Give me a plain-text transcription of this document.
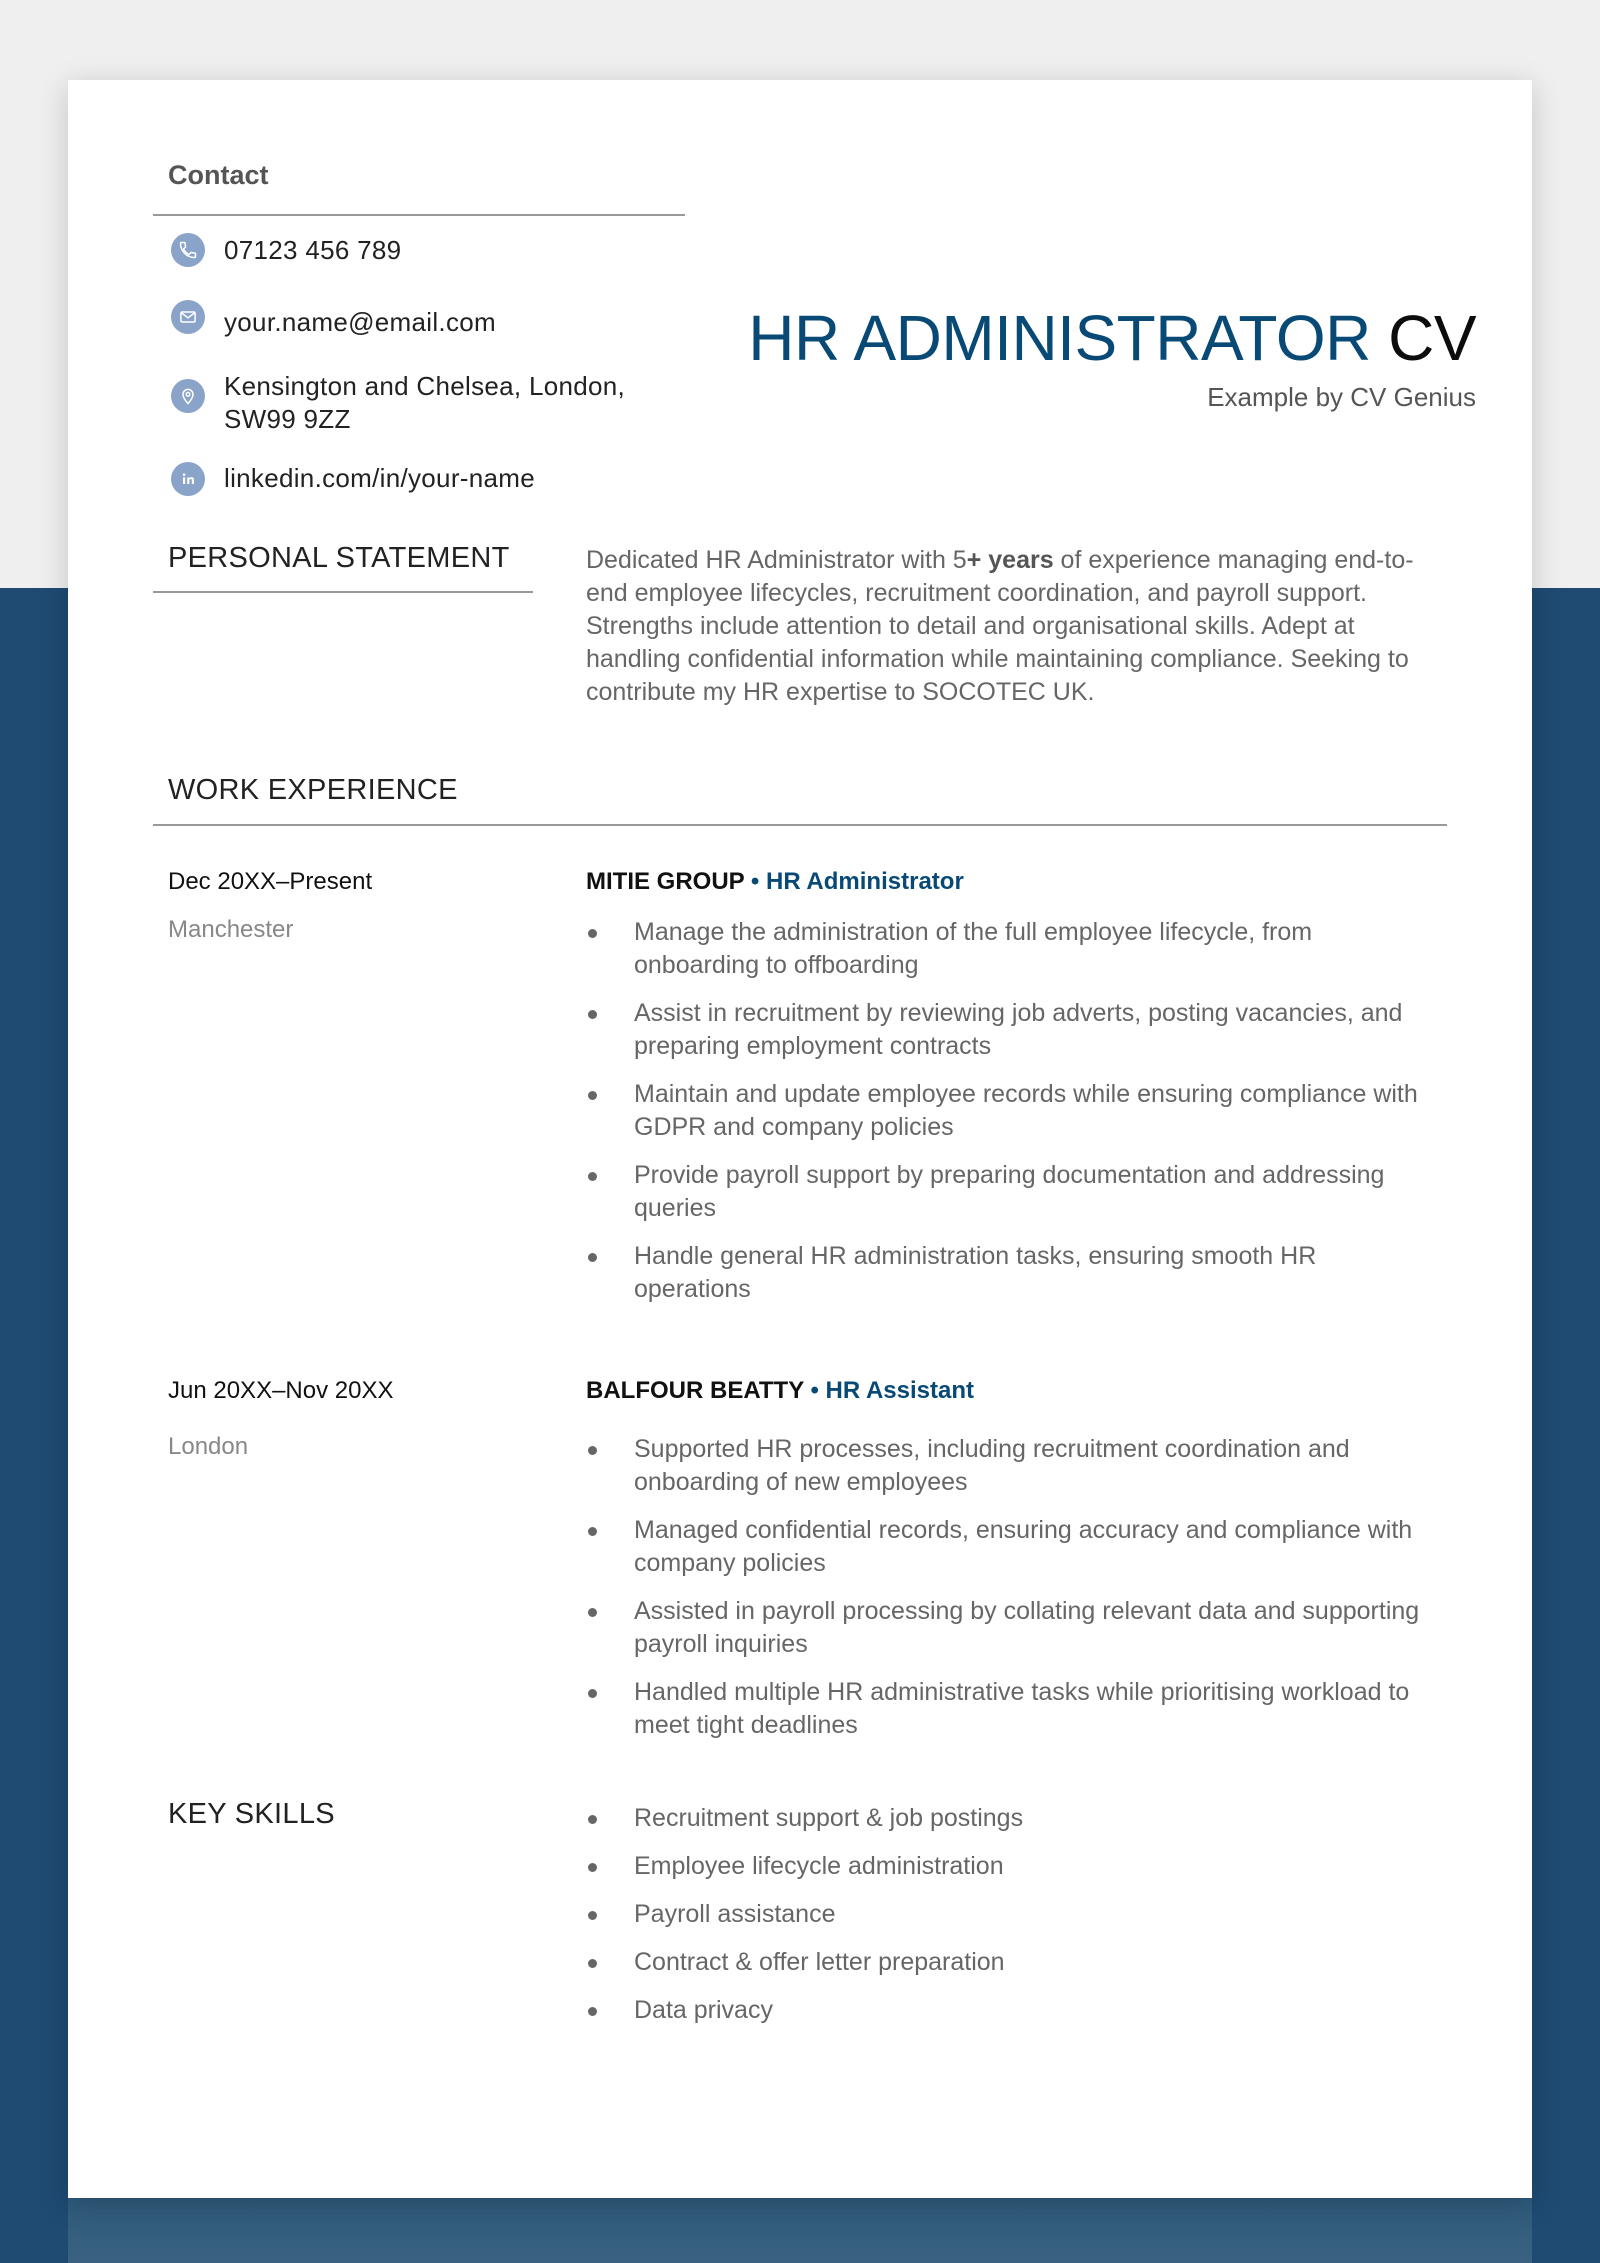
Contact
07123 456 789
your.name@email.com
Kensington and Chelsea, London,
SW99 9ZZ
linkedin.com/in/your-name
HR ADMINISTRATOR CV
Example by CV Genius
PERSONAL STATEMENT	Dedicated HR Administrator with 5+ years of experience managing end-to-end employee lifecycles, recruitment coordination, and payroll support. Strengths include attention to detail and organisational skills. Adept at handling confidential information while maintaining compliance. Seeking to contribute my HR expertise to SOCOTEC UK.
WORK EXPERIENCE
Dec 20XX–Present
Manchester
MITIE GROUP • HR Administrator
Manage the administration of the full employee lifecycle, from onboarding to offboarding
Assist in recruitment by reviewing job adverts, posting vacancies, and preparing employment contracts
Maintain and update employee records while ensuring compliance with GDPR and company policies
Provide payroll support by preparing documentation and addressing queries
Handle general HR administration tasks, ensuring smooth HR operations
Jun 20XX–Nov 20XX
London
BALFOUR BEATTY • HR Assistant
Supported HR processes, including recruitment coordination and onboarding of new employees
Managed confidential records, ensuring accuracy and compliance with company policies
Assisted in payroll processing by collating relevant data and supporting payroll inquiries
Handled multiple HR administrative tasks while prioritising workload to meet tight deadlines
KEY SKILLS	Recruitment support & job postings
Employee lifecycle administration
Payroll assistance
Contract & offer letter preparation
Data privacy
